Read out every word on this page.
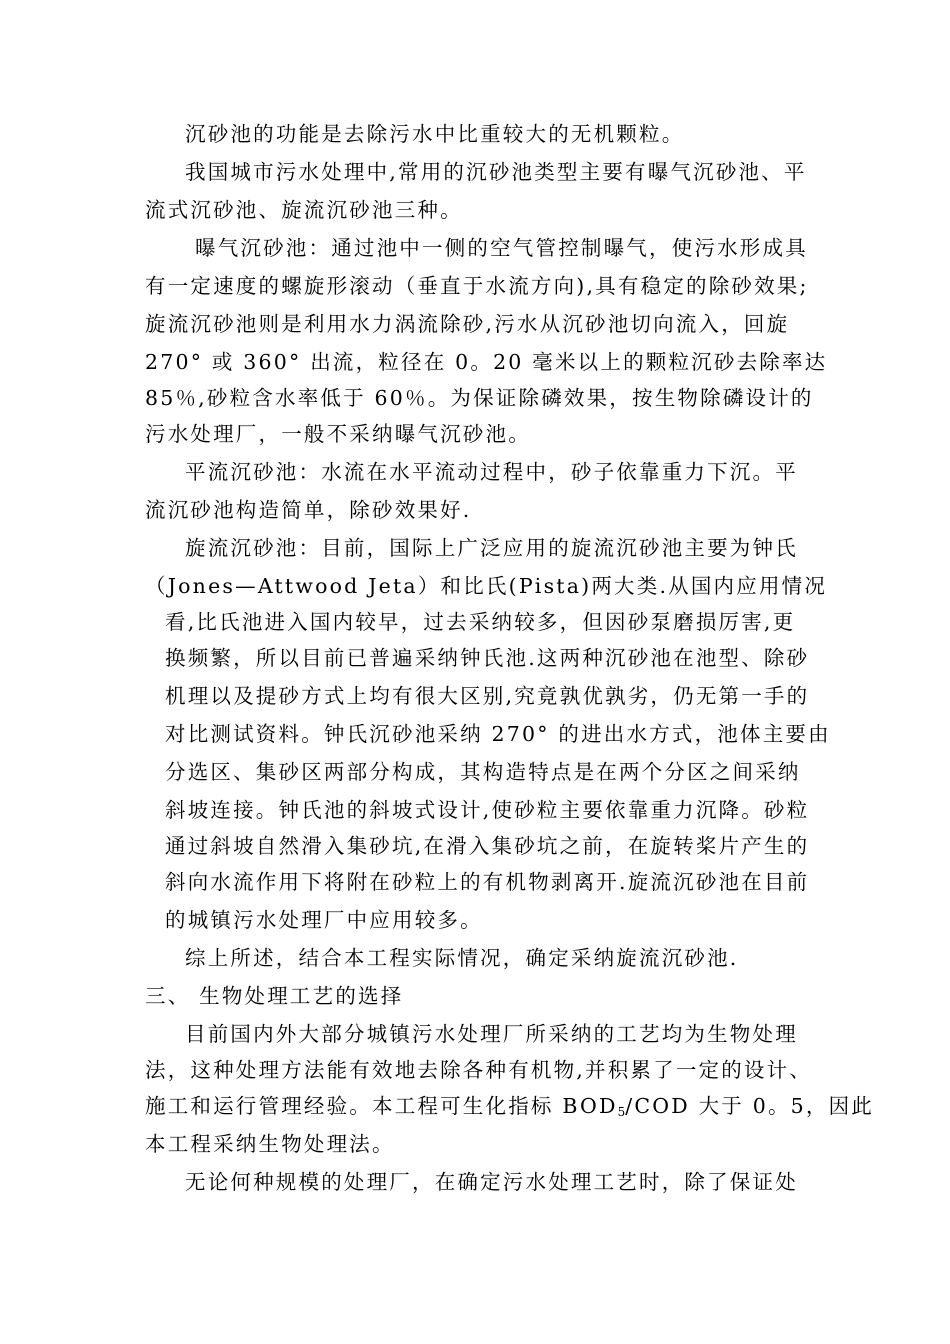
沉砂池的功能是去除污水中比重较大的无机颗粒。
我国城市污水处理中,常用的沉砂池类型主要有曝气沉砂池、平
流式沉砂池、旋流沉砂池三种。
曝气沉砂池：通过池中一侧的空气管控制曝气，使污水形成具
有一定速度的螺旋形滚动（垂直于水流方向),具有稳定的除砂效果;
旋流沉砂池则是利用水力涡流除砂,污水从沉砂池切向流入，回旋
270° 或 360° 出流，粒径在 0。20 毫米以上的颗粒沉砂去除率达
85％,砂粒含水率低于 60％。为保证除磷效果，按生物除磷设计的
污水处理厂，一般不采纳曝气沉砂池。
平流沉砂池：水流在水平流动过程中，砂子依靠重力下沉。平
流沉砂池构造简单，除砂效果好.
旋流沉砂池：目前，国际上广泛应用的旋流沉砂池主要为钟氏
（Jones—Attwood Jeta）和比氏(Pista)两大类.从国内应用情况
看,比氏池进入国内较早，过去采纳较多，但因砂泵磨损厉害,更
换频繁，所以目前已普遍采纳钟氏池.这两种沉砂池在池型、除砂
机理以及提砂方式上均有很大区别,究竟孰优孰劣，仍无第一手的
对比测试资料。钟氏沉砂池采纳 270° 的进出水方式，池体主要由
分选区、集砂区两部分构成，其构造特点是在两个分区之间采纳
斜坡连接。钟氏池的斜坡式设计,使砂粒主要依靠重力沉降。砂粒
通过斜坡自然滑入集砂坑,在滑入集砂坑之前，在旋转桨片产生的
斜向水流作用下将附在砂粒上的有机物剥离开.旋流沉砂池在目前
的城镇污水处理厂中应用较多。
综上所述，结合本工程实际情况，确定采纳旋流沉砂池.
三、 生物处理工艺的选择
目前国内外大部分城镇污水处理厂所采纳的工艺均为生物处理
法，这种处理方法能有效地去除各种有机物,并积累了一定的设计、
施工和运行管理经验。本工程可生化指标 $BOD_5$/COD 大于 0。5，因此
本工程采纳生物处理法。
无论何种规模的处理厂，在确定污水处理工艺时，除了保证处
